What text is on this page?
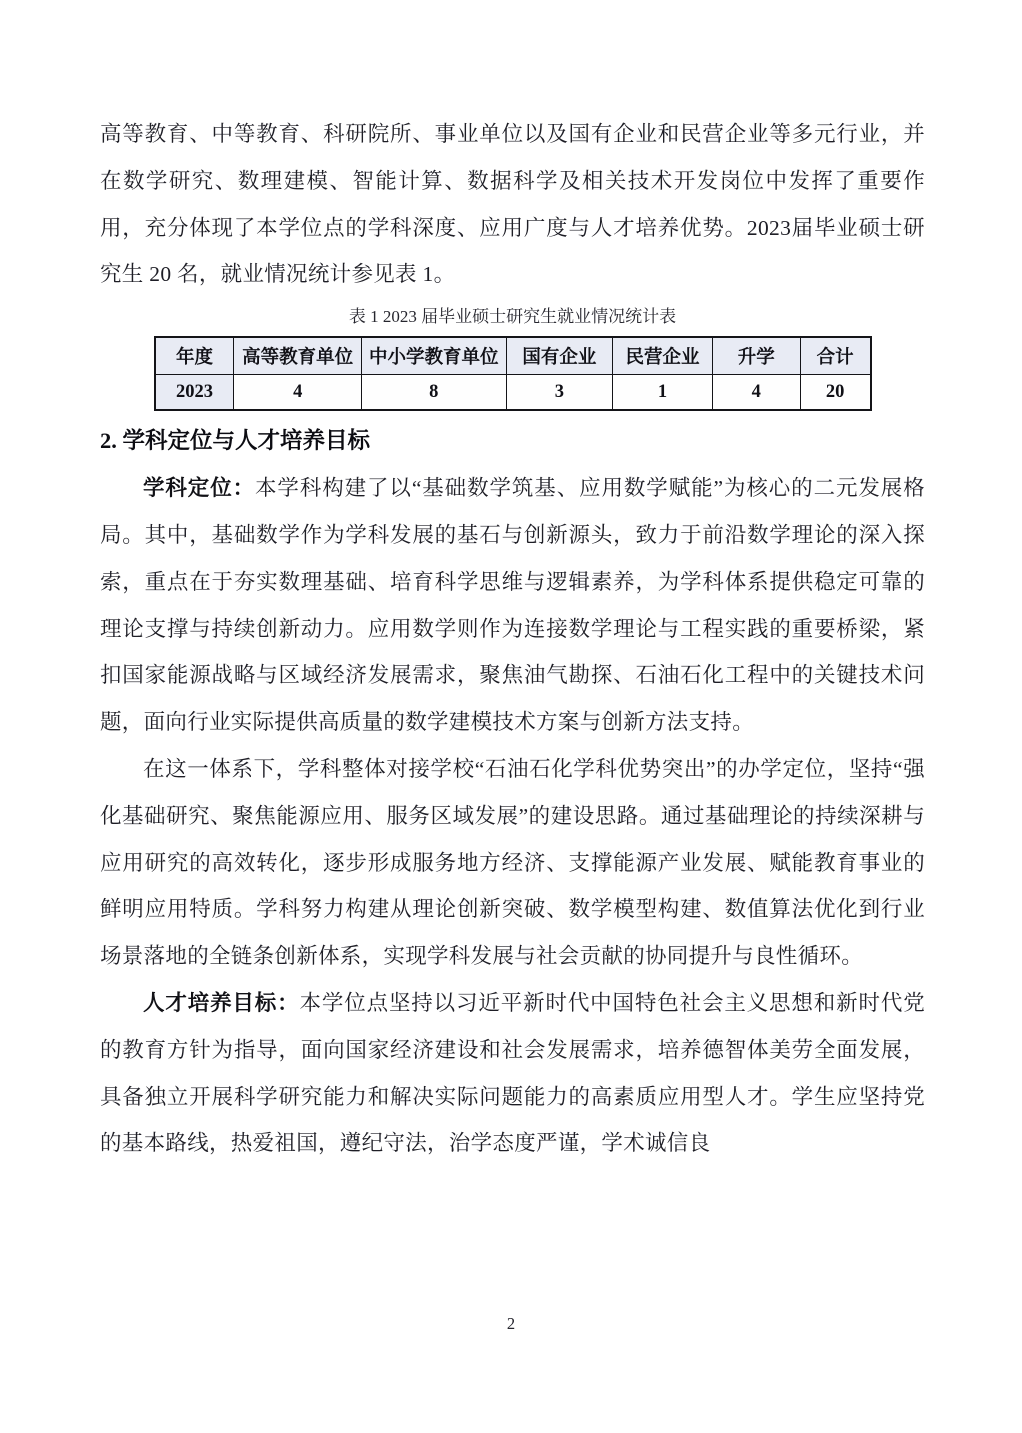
高等教育、中等教育、科研院所、事业单位以及国有企业和民营企业等多元行业，并在数学研究、数理建模、智能计算、数据科学及相关技术开发岗位中发挥了重要作用，充分体现了本学位点的学科深度、应用广度与人才培养优势。2023届毕业硕士研究生 20 名，就业情况统计参见表 1。

表 1 2023 届毕业硕士研究生就业情况统计表
年度	高等教育单位	中小学教育单位	国有企业	民营企业	升学	合计
2023	4	8	3	1	4	20
2. 学科定位与人才培养目标

学科定位：本学科构建了以“基础数学筑基、应用数学赋能”为核心的二元发展格局。其中，基础数学作为学科发展的基石与创新源头，致力于前沿数学理论的深入探索，重点在于夯实数理基础、培育科学思维与逻辑素养，为学科体系提供稳定可靠的理论支撑与持续创新动力。应用数学则作为连接数学理论与工程实践的重要桥梁，紧扣国家能源战略与区域经济发展需求，聚焦油气勘探、石油石化工程中的关键技术问题，面向行业实际提供高质量的数学建模技术方案与创新方法支持。

在这一体系下，学科整体对接学校“石油石化学科优势突出”的办学定位，坚持“强化基础研究、聚焦能源应用、服务区域发展”的建设思路。通过基础理论的持续深耕与应用研究的高效转化，逐步形成服务地方经济、支撑能源产业发展、赋能教育事业的鲜明应用特质。学科努力构建从理论创新突破、数学模型构建、数值算法优化到行业场景落地的全链条创新体系，实现学科发展与社会贡献的协同提升与良性循环。

人才培养目标：本学位点坚持以习近平新时代中国特色社会主义思想和新时代党的教育方针为指导，面向国家经济建设和社会发展需求，培养德智体美劳全面发展，具备独立开展科学研究能力和解决实际问题能力的高素质应用型人才。学生应坚持党的基本路线，热爱祖国，遵纪守法，治学态度严谨，学术诚信良

2
